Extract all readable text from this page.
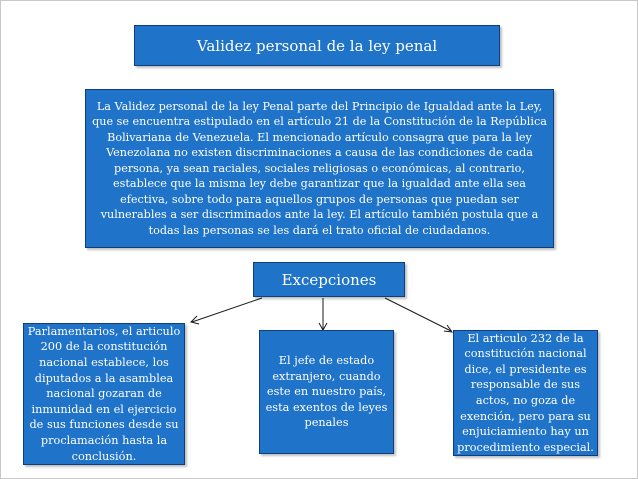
Validez personal de la ley penal
La Validez personal de la ley Penal parte del Principio de Igualdad ante la Ley, que se encuentra estipulado en el artículo 21 de la Constitución de la República Bolivariana de Venezuela. El mencionado artículo consagra que para la ley Venezolana no existen discriminaciones a causa de las condiciones de cada persona, ya sean raciales, sociales religiosas o económicas, al contrario, establece que la misma ley debe garantizar que la igualdad ante ella sea efectiva, sobre todo para aquellos grupos de personas que puedan ser vulnerables a ser discriminados ante la ley. El artículo también postula que a todas las personas se les dará el trato oficial de ciudadanos.
Excepciones
Parlamentarios, el articulo 200 de la constitución nacional establece, los diputados a la asamblea nacional gozaran de inmunidad en el ejercicio de sus funciones desde su proclamación hasta la conclusión.
El jefe de estado extranjero, cuando este en nuestro país, esta exentos de leyes penales
El articulo 232 de la constitución nacional dice, el presidente es responsable de sus actos, no goza de exención, pero para su enjuiciamiento hay un procedimiento especial.
